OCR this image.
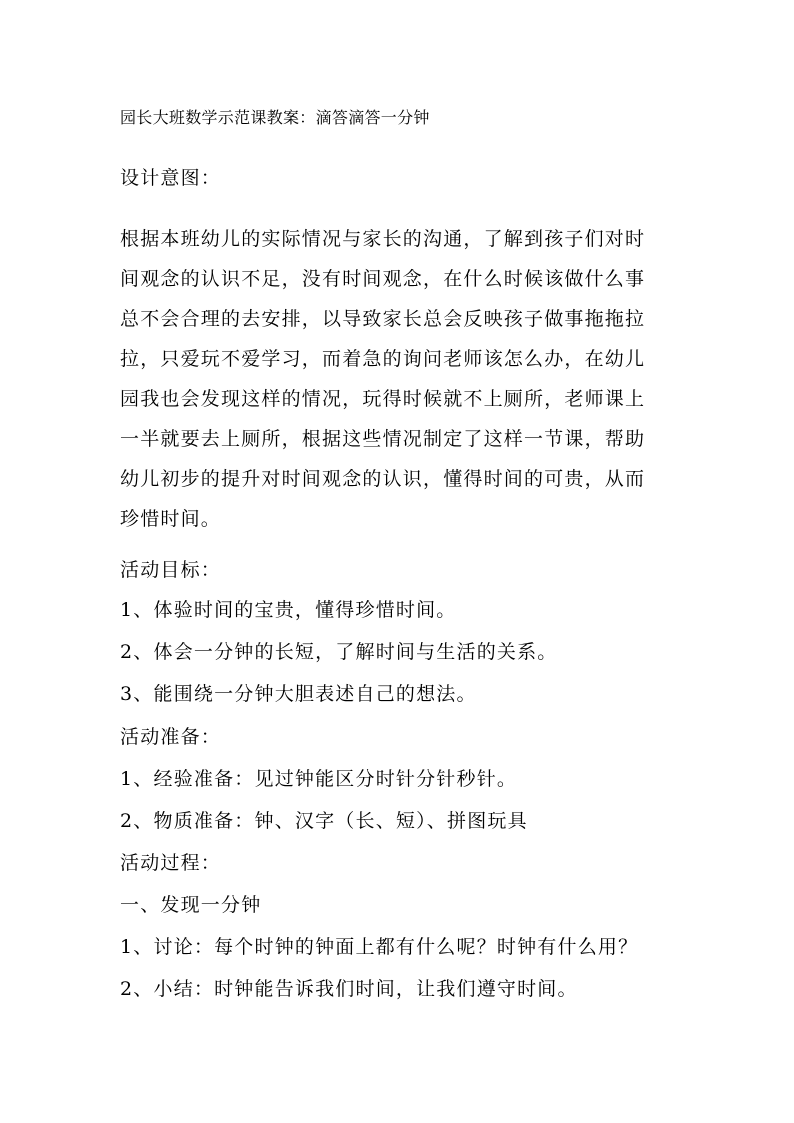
园长大班数学示范课教案：滴答滴答一分钟
设计意图：
根据本班幼儿的实际情况与家长的沟通，了解到孩子们对时
间观念的认识不足，没有时间观念，在什么时候该做什么事
总不会合理的去安排，以导致家长总会反映孩子做事拖拖拉
拉，只爱玩不爱学习，而着急的询问老师该怎么办，在幼儿
园我也会发现这样的情况，玩得时候就不上厕所，老师课上
一半就要去上厕所，根据这些情况制定了这样一节课，帮助
幼儿初步的提升对时间观念的认识，懂得时间的可贵，从而
珍惜时间。
活动目标：
1、体验时间的宝贵，懂得珍惜时间。
2、体会一分钟的长短，了解时间与生活的关系。
3、能围绕一分钟大胆表述自己的想法。
活动准备：
1、经验准备：见过钟能区分时针分针秒针。
2、物质准备：钟、汉字（长、短）、拼图玩具
活动过程：
一、发现一分钟
1、讨论：每个时钟的钟面上都有什么呢？时钟有什么用？
2、小结：时钟能告诉我们时间，让我们遵守时间。
